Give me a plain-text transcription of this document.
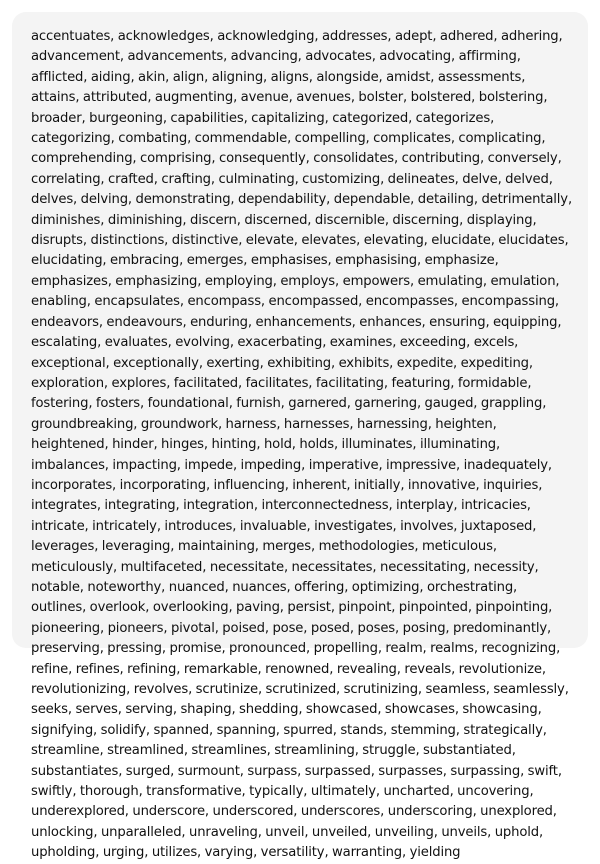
accentuates, acknowledges, acknowledging, addresses, adept, adhered, adhering, advancement, advancements, advancing, advocates, advocating, affirming, afflicted, aiding, akin, align, aligning, aligns, alongside, amidst, assessments, attains, attributed, augmenting, avenue, avenues, bolster, bolstered, bolstering, broader, burgeoning, capabilities, capitalizing, categorized, categorizes, categorizing, combating, commendable, compelling, complicates, complicating, comprehending, comprising, consequently, consolidates, contributing, conversely, correlating, crafted, crafting, culminating, customizing, delineates, delve, delved, delves, delving, demonstrating, dependability, dependable, detailing, detrimentally, diminishes, diminishing, discern, discerned, discernible, discerning, displaying, disrupts, distinctions, distinctive, elevate, elevates, elevating, elucidate, elucidates, elucidating, embracing, emerges, emphasises, emphasising, emphasize, emphasizes, emphasizing, employing, employs, empowers, emulating, emulation, enabling, encapsulates, encompass, encompassed, encompasses, encompassing, endeavors, endeavours, enduring, enhancements, enhances, ensuring, equipping, escalating, evaluates, evolving, exacerbating, examines, exceeding, excels, exceptional, exceptionally, exerting, exhibiting, exhibits, expedite, expediting, exploration, explores, facilitated, facilitates, facilitating, featuring, formidable, fostering, fosters, foundational, furnish, garnered, garnering, gauged, grappling, groundbreaking, groundwork, harness, harnesses, harnessing, heighten, heightened, hinder, hinges, hinting, hold, holds, illuminates, illuminating, imbalances, impacting, impede, impeding, imperative, impressive, inadequately, incorporates, incorporating, influencing, inherent, initially, innovative, inquiries, integrates, integrating, integration, interconnectedness, interplay, intricacies, intricate, intricately, introduces, invaluable, investigates, involves, juxtaposed, leverages, leveraging, maintaining, merges, methodologies, meticulous, meticulously, multifaceted, necessitate, necessitates, necessitating, necessity, notable, noteworthy, nuanced, nuances, offering, optimizing, orchestrating, outlines, overlook, overlooking, paving, persist, pinpoint, pinpointed, pinpointing, pioneering, pioneers, pivotal, poised, pose, posed, poses, posing, predominantly, preserving, pressing, promise, pronounced, propelling, realm, realms, recognizing, refine, refines, refining, remarkable, renowned, revealing, reveals, revolutionize, revolutionizing, revolves, scrutinize, scrutinized, scrutinizing, seamless, seamlessly, seeks, serves, serving, shaping, shedding, showcased, showcases, showcasing, signifying, solidify, spanned, spanning, spurred, stands, stemming, strategically, streamline, streamlined, streamlines, streamlining, struggle, substantiated, substantiates, surged, surmount, surpass, surpassed, surpasses, surpassing, swift, swiftly, thorough, transformative, typically, ultimately, uncharted, uncovering, underexplored, underscore, underscored, underscores, underscoring, unexplored, unlocking, unparalleled, unraveling, unveil, unveiled, unveiling, unveils, uphold, upholding, urging, utilizes, varying, versatility, warranting, yielding
